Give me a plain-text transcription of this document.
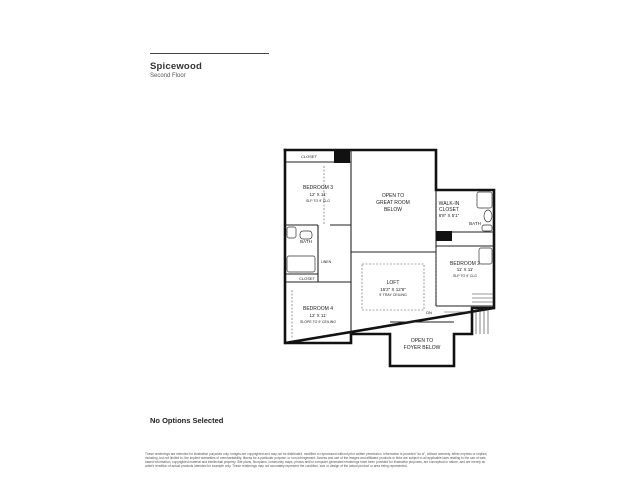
Spicewood
Second Floor
CLOSET
BEDROOM 3
12' X 11'
SLP TO 9' CLG
OPEN TO
GREAT ROOM
BELOW
WALK-IN
CLOSET
6'8" X 5'1"
BATH
BATH
LINEN	BEDROOM 2
11' X 11'
SLP TO 9' CLG
LOFT
15'2" X 12'8"
9' TRAY CEILING
CLOSET
BEDROOM 4
12' X 11'
SLOPE TO 9' CEILING
DN
OPEN TO
FOYER BELOW
No Options Selected
These renderings are intended for illustrative purposes only. Images are copyrighted and may not be distributed, modified or reproduced without prior written permission. Information is provided "as is", without warranty, either express or implied, including, but not limited to, the implied warranties of merchantability, fitness for a particular purpose, or non-infringement. Access and use of the images and affiliated products or links are subject to all applicable laws relating to the use of web-based information, copyrighted material and intellectual property. Site plans, floorplans, community maps, photos and/or computer-generated renderings have been provided for illustrative purposes, are conceptual in nature, and are merely an artist's rendition of actual products intended for example only. These renderings may not accurately represent the condition, size or design of the actual product or area being represented.
